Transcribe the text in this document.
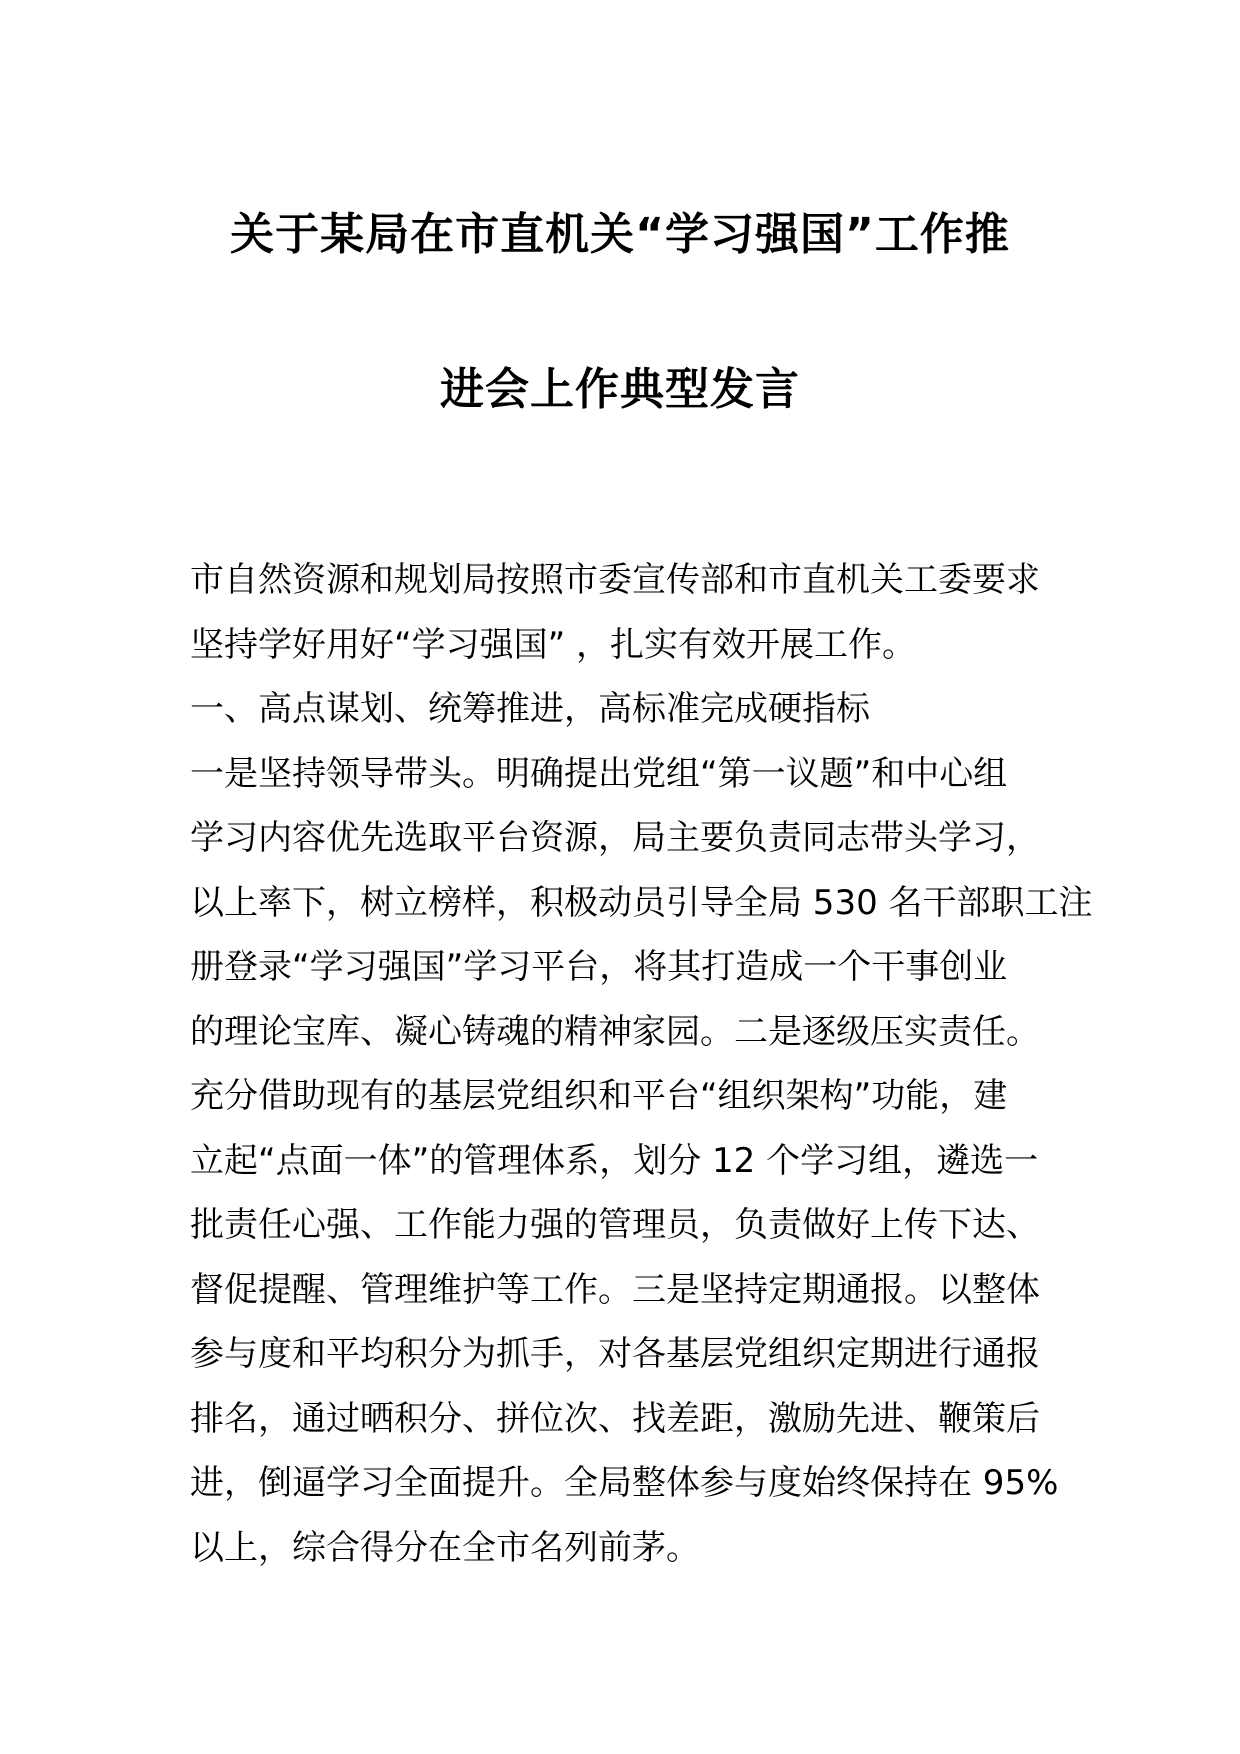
关于某局在市直机关“学习强国”工作推
进会上作典型发言
市自然资源和规划局按照市委宣传部和市直机关工委要求
坚持学好用好“学习强国” ，扎实有效开展工作。
一、高点谋划、统筹推进，高标准完成硬指标
一是坚持领导带头。明确提出党组“第一议题”和中心组
学习内容优先选取平台资源，局主要负责同志带头学习，
以上率下，树立榜样，积极动员引导全局 530 名干部职工注
册登录“学习强国”学习平台，将其打造成一个干事创业
的理论宝库、凝心铸魂的精神家园。二是逐级压实责任。
充分借助现有的基层党组织和平台“组织架构”功能，建
立起“点面一体”的管理体系，划分 12 个学习组，遴选一
批责任心强、工作能力强的管理员，负责做好上传下达、
督促提醒、管理维护等工作。三是坚持定期通报。以整体
参与度和平均积分为抓手，对各基层党组织定期进行通报
排名，通过晒积分、拼位次、找差距，激励先进、鞭策后
进，倒逼学习全面提升。全局整体参与度始终保持在 95%
以上，综合得分在全市名列前茅。
